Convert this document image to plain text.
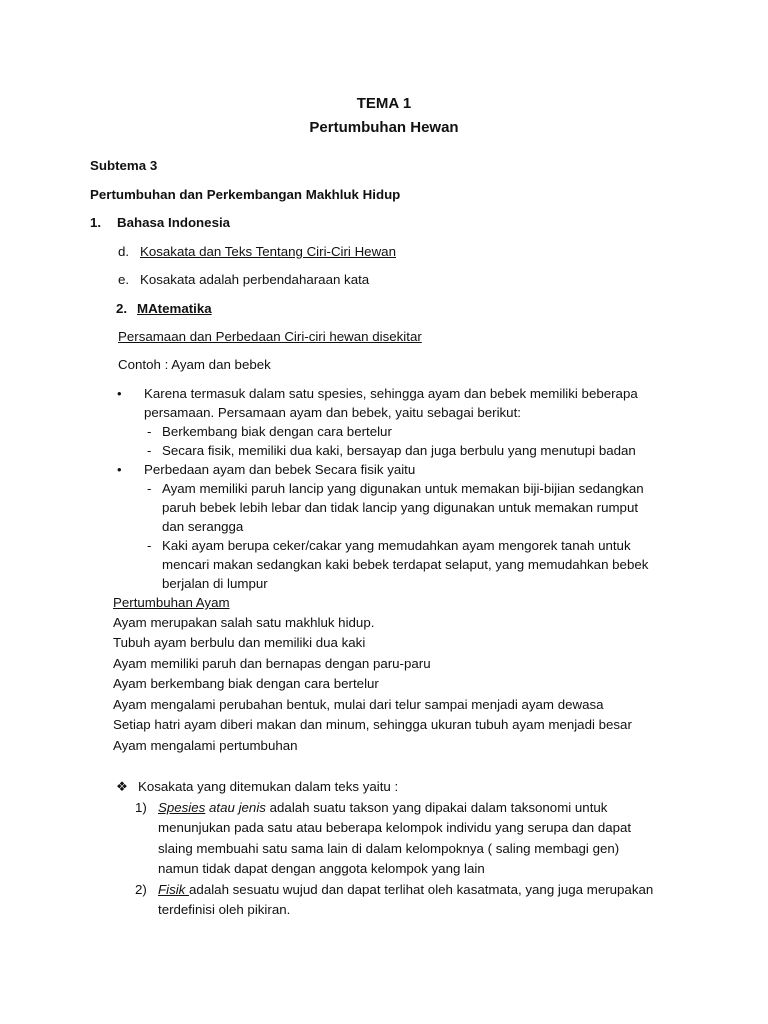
TEMA 1
Pertumbuhan Hewan
Subtema 3
Pertumbuhan dan Perkembangan Makhluk Hidup
1. Bahasa Indonesia
d. Kosakata dan Teks Tentang Ciri-Ciri Hewan
e. Kosakata adalah perbendaharaan kata
2. MAtematika
Persamaan dan Perbedaan Ciri-ciri hewan disekitar
Contoh : Ayam dan bebek
• Karena termasuk dalam satu spesies, sehingga ayam dan bebek memiliki beberapa
persamaan. Persamaan ayam dan bebek, yaitu sebagai berikut:
- Berkembang biak dengan cara bertelur
- Secara fisik, memiliki dua kaki, bersayap dan juga berbulu yang menutupi badan
• Perbedaan ayam dan bebek Secara fisik yaitu
- Ayam memiliki paruh lancip yang digunakan untuk memakan biji-bijian sedangkan
paruh bebek lebih lebar dan tidak lancip yang digunakan untuk memakan rumput
dan serangga
- Kaki ayam berupa ceker/cakar yang memudahkan ayam mengorek tanah untuk
mencari makan sedangkan kaki bebek terdapat selaput, yang memudahkan bebek
berjalan di lumpur
Pertumbuhan Ayam
Ayam merupakan salah satu makhluk hidup.
Tubuh ayam berbulu dan memiliki dua kaki
Ayam memiliki paruh dan bernapas dengan paru-paru
Ayam berkembang biak dengan cara bertelur
Ayam mengalami perubahan bentuk, mulai dari telur sampai menjadi ayam dewasa
Setiap hatri ayam diberi makan dan minum, sehingga ukuran tubuh ayam menjadi besar
Ayam mengalami pertumbuhan
❖ Kosakata yang ditemukan dalam teks yaitu :
1) Spesies atau jenis adalah suatu takson yang dipakai dalam taksonomi untuk
menunjukan pada satu atau beberapa kelompok individu yang serupa dan dapat
slaing membuahi satu sama lain di dalam kelompoknya ( saling membagi gen)
namun tidak dapat dengan anggota kelompok yang lain
2) Fisik adalah sesuatu wujud dan dapat terlihat oleh kasatmata, yang juga merupakan
terdefinisi oleh pikiran.
